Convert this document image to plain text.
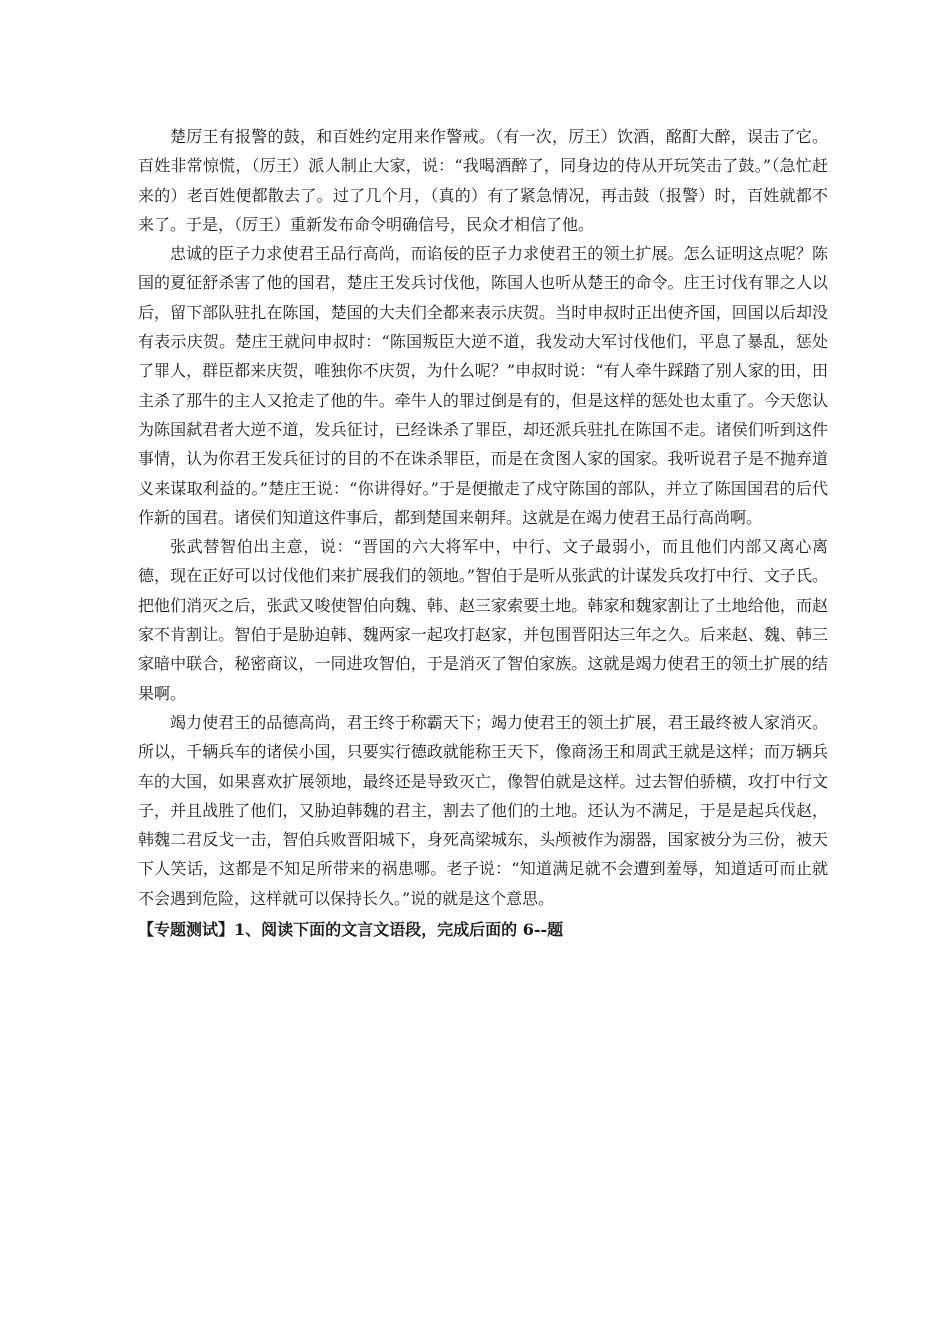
楚厉王有报警的鼓，和百姓约定用来作警戒。（有一次，厉王）饮酒，酩酊大醉，误击了它。百姓非常惊慌，（厉王）派人制止大家，说：“我喝酒醉了，同身边的侍从开玩笑击了鼓。”（急忙赶来的）老百姓便都散去了。过了几个月，（真的）有了紧急情况，再击鼓（报警）时，百姓就都不来了。于是，（厉王）重新发布命令明确信号，民众才相信了他。

忠诚的臣子力求使君王品行高尚，而谄佞的臣子力求使君王的领土扩展。怎么证明这点呢？陈国的夏征舒杀害了他的国君，楚庄王发兵讨伐他，陈国人也听从楚王的命令。庄王讨伐有罪之人以后，留下部队驻扎在陈国，楚国的大夫们全都来表示庆贺。当时申叔时正出使齐国，回国以后却没有表示庆贺。楚庄王就问申叔时：“陈国叛臣大逆不道，我发动大军讨伐他们，平息了暴乱，惩处了罪人，群臣都来庆贺，唯独你不庆贺，为什么呢？”申叔时说：“有人牵牛踩踏了别人家的田，田主杀了那牛的主人又抢走了他的牛。牵牛人的罪过倒是有的，但是这样的惩处也太重了。今天您认为陈国弑君者大逆不道，发兵征讨，已经诛杀了罪臣，却还派兵驻扎在陈国不走。诸侯们听到这件事情，认为你君王发兵征讨的目的不在诛杀罪臣，而是在贪图人家的国家。我听说君子是不抛弃道义来谋取利益的。”楚庄王说：“你讲得好。”于是便撤走了戍守陈国的部队，并立了陈国国君的后代作新的国君。诸侯们知道这件事后，都到楚国来朝拜。这就是在竭力使君王品行高尚啊。

张武替智伯出主意，说：“晋国的六大将军中，中行、文子最弱小，而且他们内部又离心离德，现在正好可以讨伐他们来扩展我们的领地。”智伯于是听从张武的计谋发兵攻打中行、文子氏。把他们消灭之后，张武又唆使智伯向魏、韩、赵三家索要土地。韩家和魏家割让了土地给他，而赵家不肯割让。智伯于是胁迫韩、魏两家一起攻打赵家，并包围晋阳达三年之久。后来赵、魏、韩三家暗中联合，秘密商议，一同进攻智伯，于是消灭了智伯家族。这就是竭力使君王的领土扩展的结果啊。

竭力使君王的品德高尚，君王终于称霸天下；竭力使君王的领土扩展，君王最终被人家消灭。所以，千辆兵车的诸侯小国，只要实行德政就能称王天下，像商汤王和周武王就是这样；而万辆兵车的大国，如果喜欢扩展领地，最终还是导致灭亡，像智伯就是这样。过去智伯骄横，攻打中行文子，并且战胜了他们，又胁迫韩魏的君主，割去了他们的土地。还认为不满足，于是是起兵伐赵，韩魏二君反戈一击，智伯兵败晋阳城下，身死高梁城东，头颅被作为溺器，国家被分为三份，被天下人笑话，这都是不知足所带来的祸患哪。老子说：“知道满足就不会遭到羞辱，知道适可而止就不会遇到危险，这样就可以保持长久。”说的就是这个意思。

【专题测试】1、阅读下面的文言文语段，完成后面的 6--题
